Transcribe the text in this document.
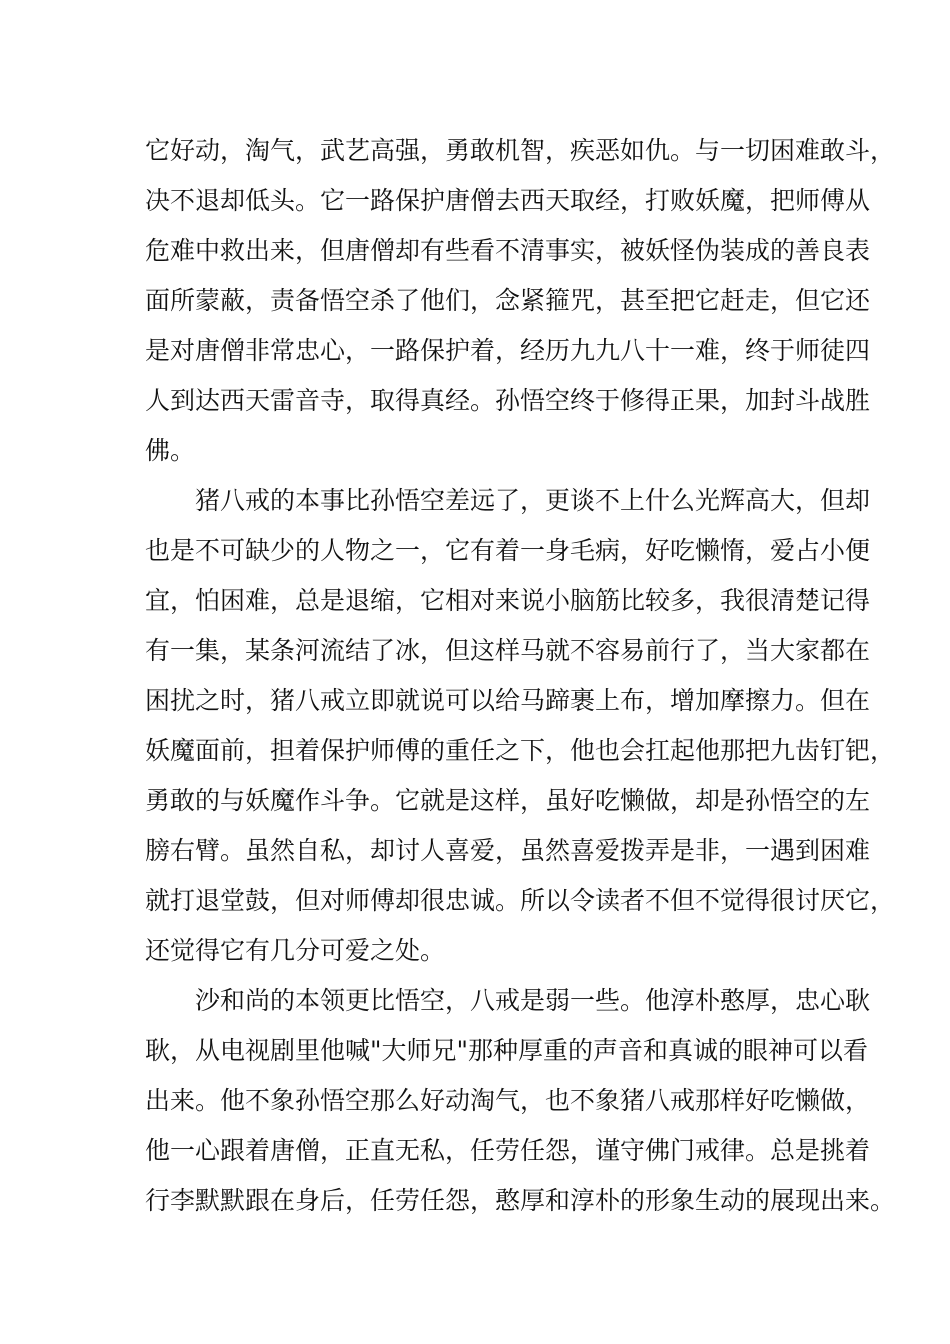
它好动，淘气，武艺高强，勇敢机智，疾恶如仇。与一切困难敢斗，
决不退却低头。它一路保护唐僧去西天取经，打败妖魔，把师傅从
危难中救出来，但唐僧却有些看不清事实，被妖怪伪装成的善良表
面所蒙蔽，责备悟空杀了他们，念紧箍咒，甚至把它赶走，但它还
是对唐僧非常忠心，一路保护着，经历九九八十一难，终于师徒四
人到达西天雷音寺，取得真经。孙悟空终于修得正果，加封斗战胜
佛。
　　猪八戒的本事比孙悟空差远了，更谈不上什么光辉高大，但却
也是不可缺少的人物之一，它有着一身毛病，好吃懒惰，爱占小便
宜，怕困难，总是退缩，它相对来说小脑筋比较多，我很清楚记得
有一集，某条河流结了冰，但这样马就不容易前行了，当大家都在
困扰之时，猪八戒立即就说可以给马蹄裹上布，增加摩擦力。但在
妖魔面前，担着保护师傅的重任之下，他也会扛起他那把九齿钉钯，
勇敢的与妖魔作斗争。它就是这样，虽好吃懒做，却是孙悟空的左
膀右臂。虽然自私，却讨人喜爱，虽然喜爱拨弄是非，一遇到困难
就打退堂鼓，但对师傅却很忠诚。所以令读者不但不觉得很讨厌它，
还觉得它有几分可爱之处。
　　沙和尚的本领更比悟空，八戒是弱一些。他淳朴憨厚，忠心耿
耿，从电视剧里他喊"大师兄"那种厚重的声音和真诚的眼神可以看
出来。他不象孙悟空那么好动淘气，也不象猪八戒那样好吃懒做，
他一心跟着唐僧，正直无私，任劳任怨，谨守佛门戒律。总是挑着
行李默默跟在身后，任劳任怨，憨厚和淳朴的形象生动的展现出来。
